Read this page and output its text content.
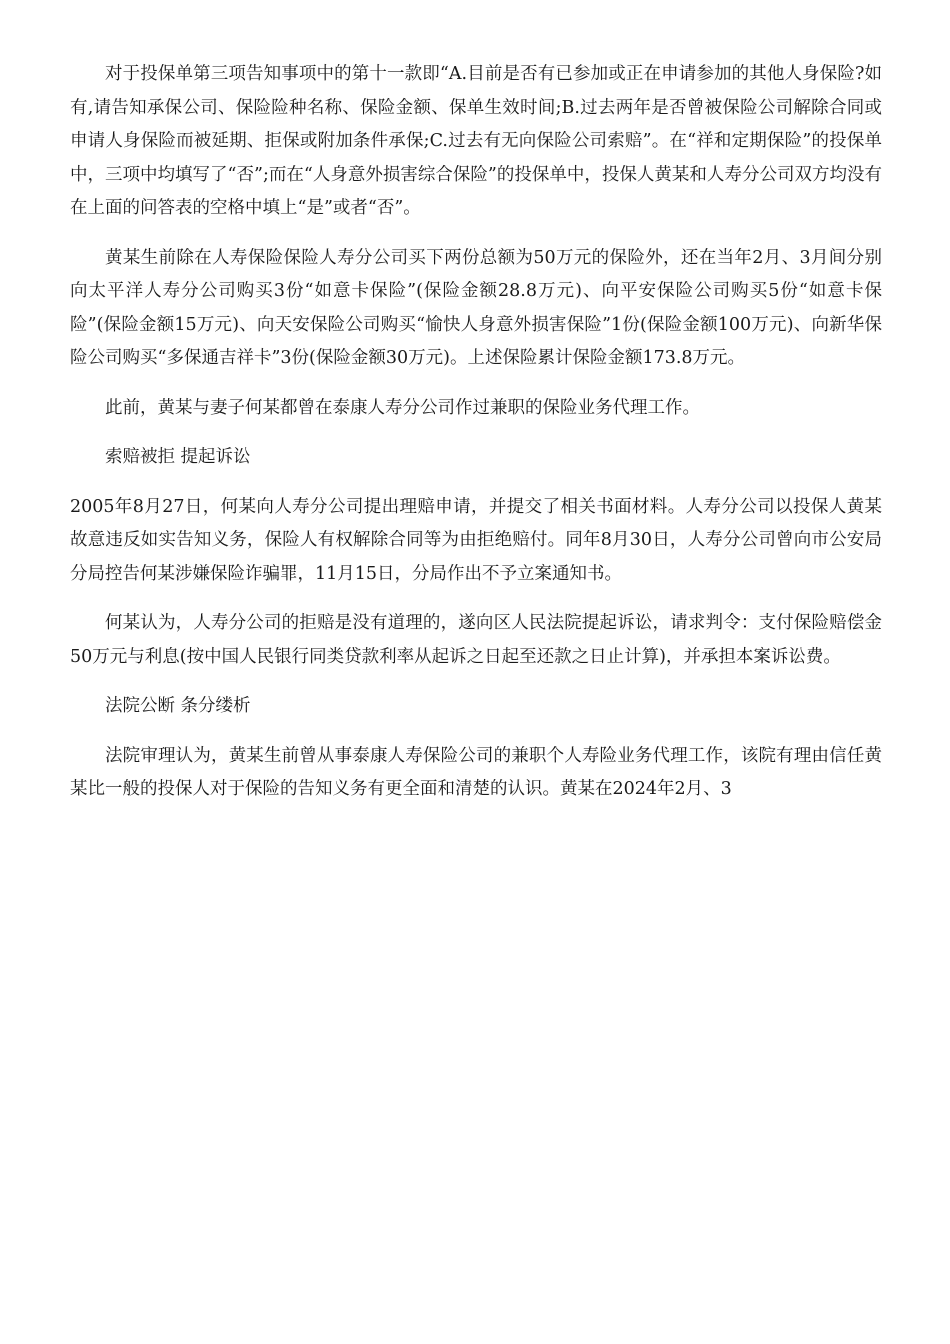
对于投保单第三项告知事项中的第十一款即“A.目前是否有已参加或正在申请参加的其他人身保险?如有,请告知承保公司、保险险种名称、保险金额、保单生效时间;B.过去两年是否曾被保险公司解除合同或申请人身保险而被延期、拒保或附加条件承保;C.过去有无向保险公司索赔”。在“祥和定期保险”的投保单中，三项中均填写了“否”;而在“人身意外损害综合保险”的投保单中，投保人黄某和人寿分公司双方均没有在上面的问答表的空格中填上“是”或者“否”。

黄某生前除在人寿保险保险人寿分公司买下两份总额为50万元的保险外，还在当年2月、3月间分别向太平洋人寿分公司购买3份“如意卡保险”(保险金额28.8万元)、向平安保险公司购买5份“如意卡保险”(保险金额15万元)、向天安保险公司购买“愉快人身意外损害保险”1份(保险金额100万元)、向新华保险公司购买“多保通吉祥卡”3份(保险金额30万元)。上述保险累计保险金额173.8万元。

此前，黄某与妻子何某都曾在泰康人寿分公司作过兼职的保险业务代理工作。

索赔被拒 提起诉讼

2005年8月27日，何某向人寿分公司提出理赔申请，并提交了相关书面材料。人寿分公司以投保人黄某故意违反如实告知义务，保险人有权解除合同等为由拒绝赔付。同年8月30日，人寿分公司曾向市公安局分局控告何某涉嫌保险诈骗罪，11月15日，分局作出不予立案通知书。

何某认为，人寿分公司的拒赔是没有道理的，遂向区人民法院提起诉讼，请求判令：支付保险赔偿金50万元与利息(按中国人民银行同类贷款利率从起诉之日起至还款之日止计算)，并承担本案诉讼费。

法院公断 条分缕析

法院审理认为，黄某生前曾从事泰康人寿保险公司的兼职个人寿险业务代理工作，该院有理由信任黄某比一般的投保人对于保险的告知义务有更全面和清楚的认识。黄某在2024年2月、3
